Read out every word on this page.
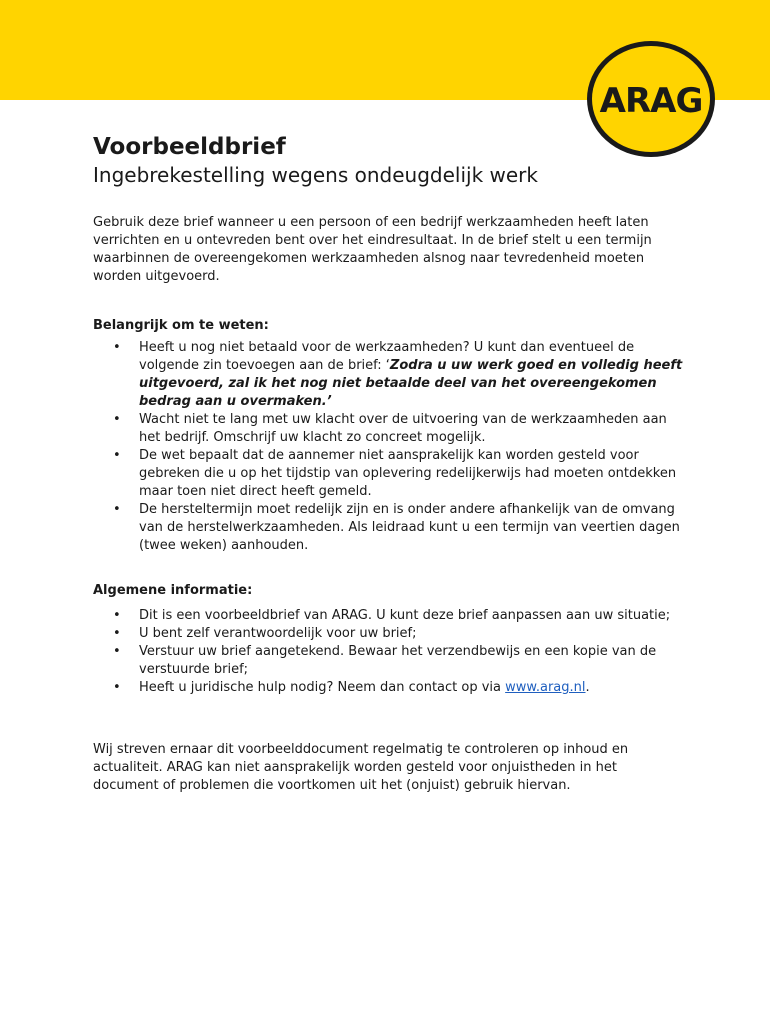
ARAG
Voorbeeldbrief
Ingebrekestelling wegens ondeugdelijk werk

Gebruik deze brief wanneer u een persoon of een bedrijf werkzaamheden heeft laten verrichten en u ontevreden bent over het eindresultaat. In de brief stelt u een termijn waarbinnen de overeengekomen werkzaamheden alsnog naar tevredenheid moeten worden uitgevoerd.

Belangrijk om te weten:
• Heeft u nog niet betaald voor de werkzaamheden? U kunt dan eventueel de volgende zin toevoegen aan de brief: ‘Zodra u uw werk goed en volledig heeft uitgevoerd, zal ik het nog niet betaalde deel van het overeengekomen bedrag aan u overmaken.’
• Wacht niet te lang met uw klacht over de uitvoering van de werkzaamheden aan het bedrijf. Omschrijf uw klacht zo concreet mogelijk.
• De wet bepaalt dat de aannemer niet aansprakelijk kan worden gesteld voor gebreken die u op het tijdstip van oplevering redelijkerwijs had moeten ontdekken maar toen niet direct heeft gemeld.
• De hersteltermijn moet redelijk zijn en is onder andere afhankelijk van de omvang van de herstelwerkzaamheden. Als leidraad kunt u een termijn van veertien dagen (twee weken) aanhouden.
Algemene informatie:
• Dit is een voorbeeldbrief van ARAG. U kunt deze brief aanpassen aan uw situatie;
• U bent zelf verantwoordelijk voor uw brief;
• Verstuur uw brief aangetekend. Bewaar het verzendbewijs en een kopie van de verstuurde brief;
• Heeft u juridische hulp nodig? Neem dan contact op via www.arag.nl.

Wij streven ernaar dit voorbeelddocument regelmatig te controleren op inhoud en actualiteit. ARAG kan niet aansprakelijk worden gesteld voor onjuistheden in het document of problemen die voortkomen uit het (onjuist) gebruik hiervan.
